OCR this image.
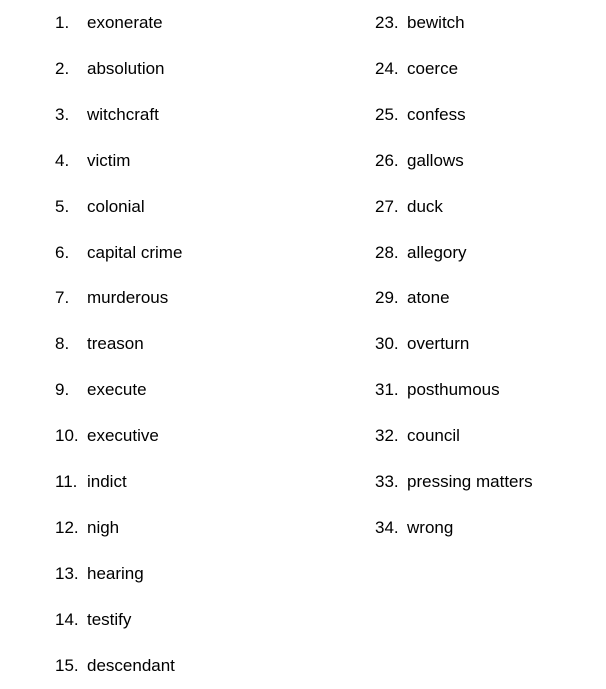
1.	exonerate
2.	absolution
3.	witchcraft
4.	victim
5.	colonial
6.	capital crime
7.	murderous
8.	treason
9.	execute
10. executive
11. indict
12. nigh
13. hearing
14. testify
15. descendant
23. bewitch
24. coerce
25. confess
26. gallows
27. duck
28. allegory
29. atone
30. overturn
31. posthumous
32. council
33. pressing matters
34. wrong
